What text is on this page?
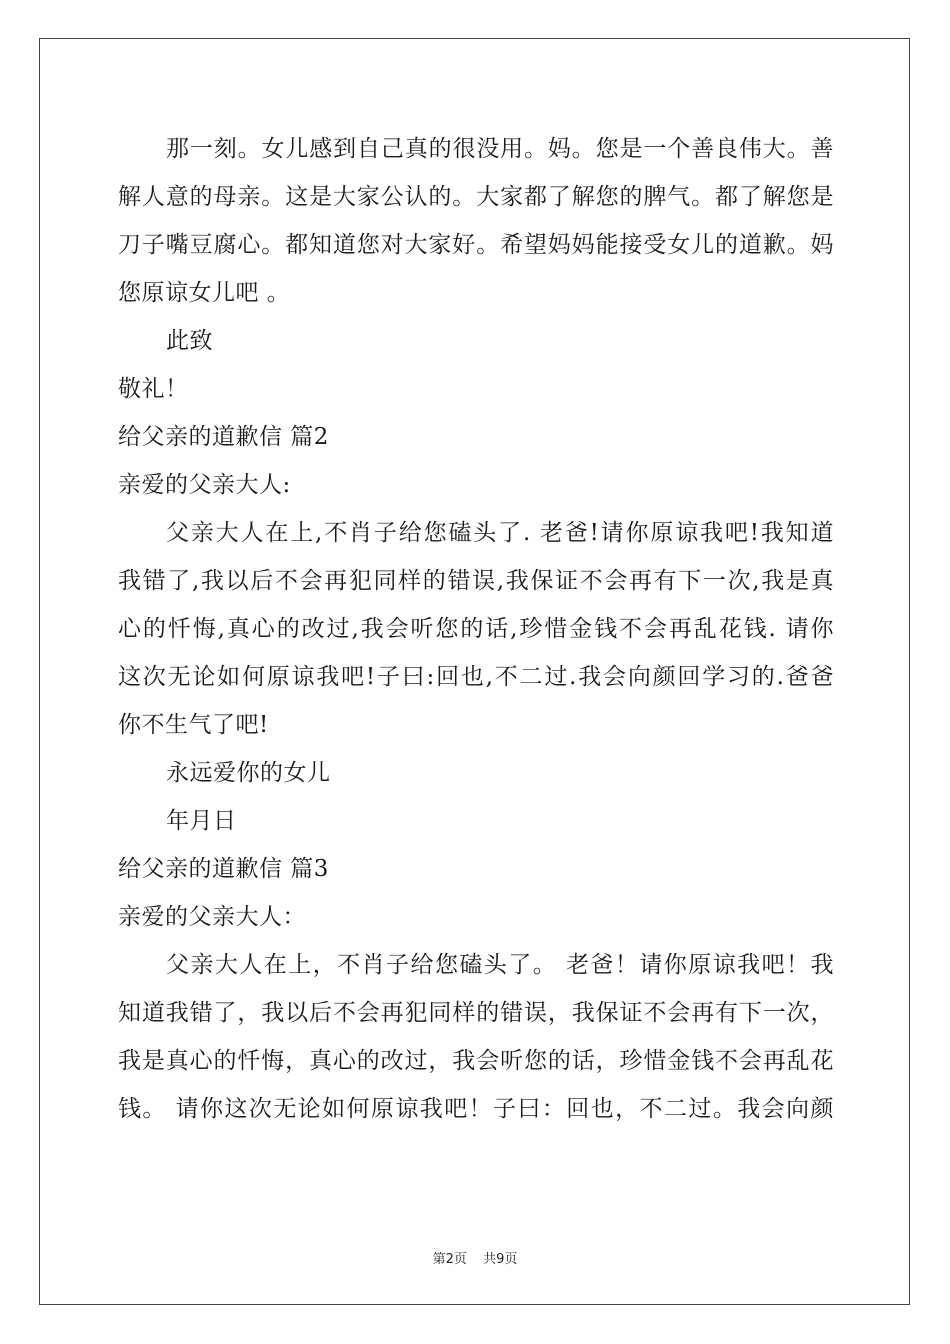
那一刻。女儿感到自己真的很没用。妈。您是一个善良伟大。善
解人意的母亲。这是大家公认的。大家都了解您的脾气。都了解您是
刀子嘴豆腐心。都知道您对大家好。希望妈妈能接受女儿的道歉。妈
您原谅女儿吧 。
此致
敬礼！
给父亲的道歉信 篇2
亲爱的父亲大人:
父亲大人在上,不肖子给您磕头了. 老爸!请你原谅我吧!我知道
我错了,我以后不会再犯同样的错误,我保证不会再有下一次,我是真
心的忏悔,真心的改过,我会听您的话,珍惜金钱不会再乱花钱. 请你
这次无论如何原谅我吧!子曰:回也,不二过.我会向颜回学习的.爸爸
你不生气了吧!
永远爱你的女儿
年月日
给父亲的道歉信 篇3
亲爱的父亲大人：
父亲大人在上，不肖子给您磕头了。 老爸！请你原谅我吧！我
知道我错了，我以后不会再犯同样的错误，我保证不会再有下一次，
我是真心的忏悔，真心的改过，我会听您的话，珍惜金钱不会再乱花
钱。 请你这次无论如何原谅我吧！子曰：回也，不二过。我会向颜
第2页 共9页
